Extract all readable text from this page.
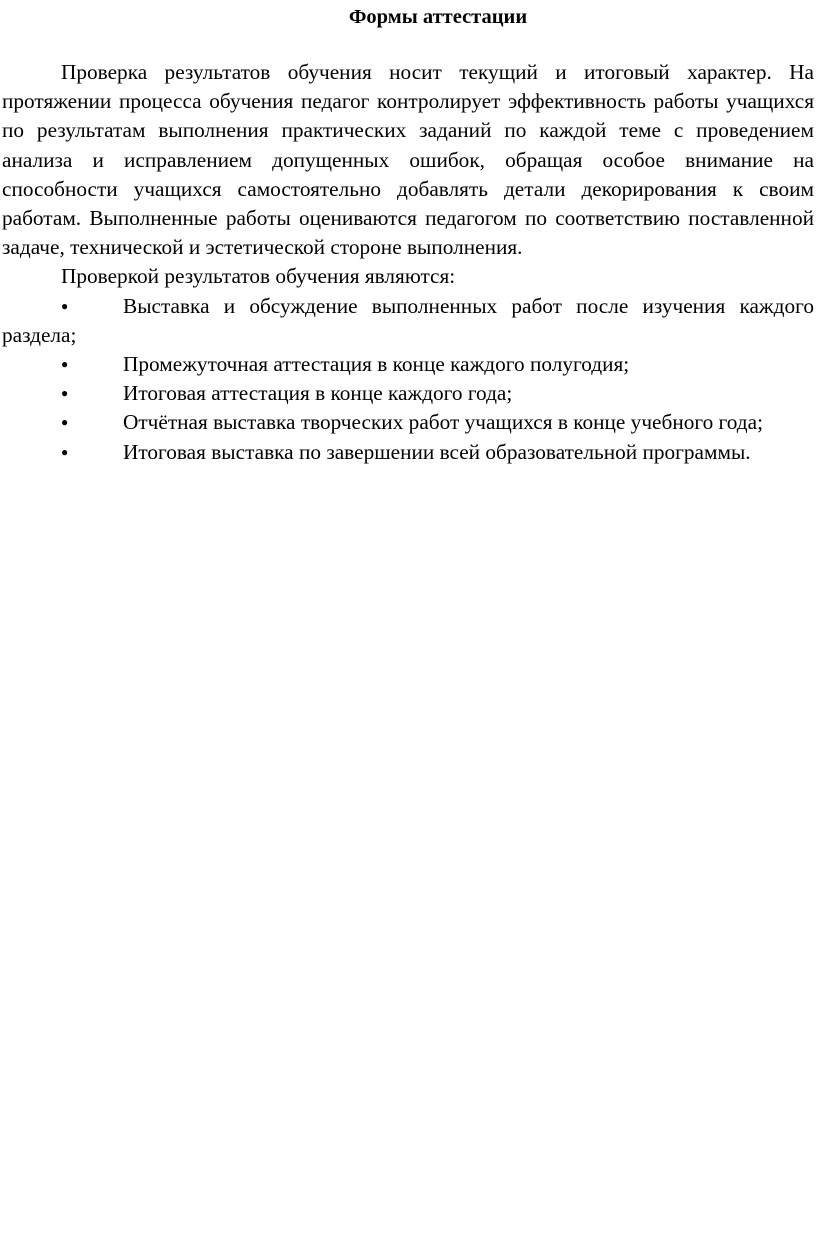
Формы аттестации

Проверка результатов обучения носит текущий и итоговый характер. На протяжении процесса обучения педагог контролирует эффективность работы учащихся по результатам выполнения практических заданий по каждой теме с проведением анализа и исправлением допущенных ошибок, обращая особое внимание на способности учащихся самостоятельно добавлять детали декорирования к своим работам. Выполненные работы оцениваются педагогом по соответствию поставленной задаче, технической и эстетической стороне выполнения.

Проверкой результатов обучения являются:

●	Выставка и обсуждение выполненных работ после изучения каждого раздела;
●	Промежуточная аттестация в конце каждого полугодия;
●	Итоговая аттестация в конце каждого года;
●	Отчётная выставка творческих работ учащихся в конце учебного года;
●	Итоговая выставка по завершении всей образовательной программы.
